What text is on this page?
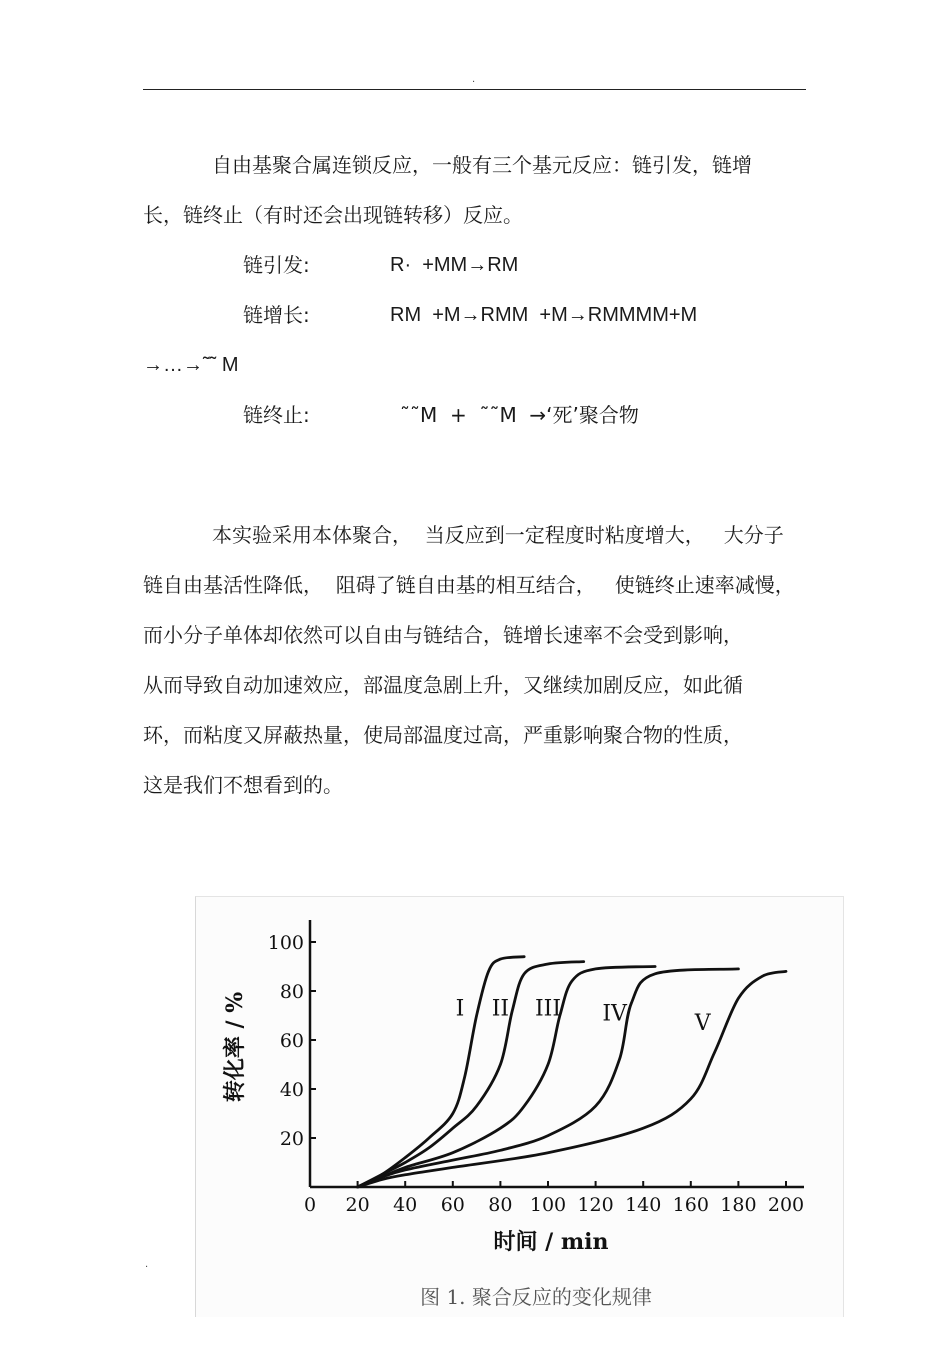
.
自由基聚合属连锁反应，一般有三个基元反应：链引发，链增
长，链终止（有时还会出现链转移）反应。
链引发:	R·  +MM→RM
链增长:	RM  +M→RMM  +M→RMMMM+M
→…→˜˜ M
链终止:	˜˜M  +  ˜˜M  →‘死’聚合物
本实验采用本体聚合，  当反应到一定程度时粘度增大，   大分子
链自由基活性降低，  阻碍了链自由基的相互结合，   使链终止速率减慢，
而小分子单体却依然可以自由与链结合，链增长速率不会受到影响，
从而导致自动加速效应，部温度急剧上升，又继续加剧反应，如此循
环，而粘度又屏蔽热量，使局部温度过高，严重影响聚合物的性质，
这是我们不想看到的。
0 20 40 60 80 100 120 140 160 180 200
20
40
60
80
100
I II III IV	V
时间 / min
转化率 / %
图 1. 聚合反应的变化规律
.
